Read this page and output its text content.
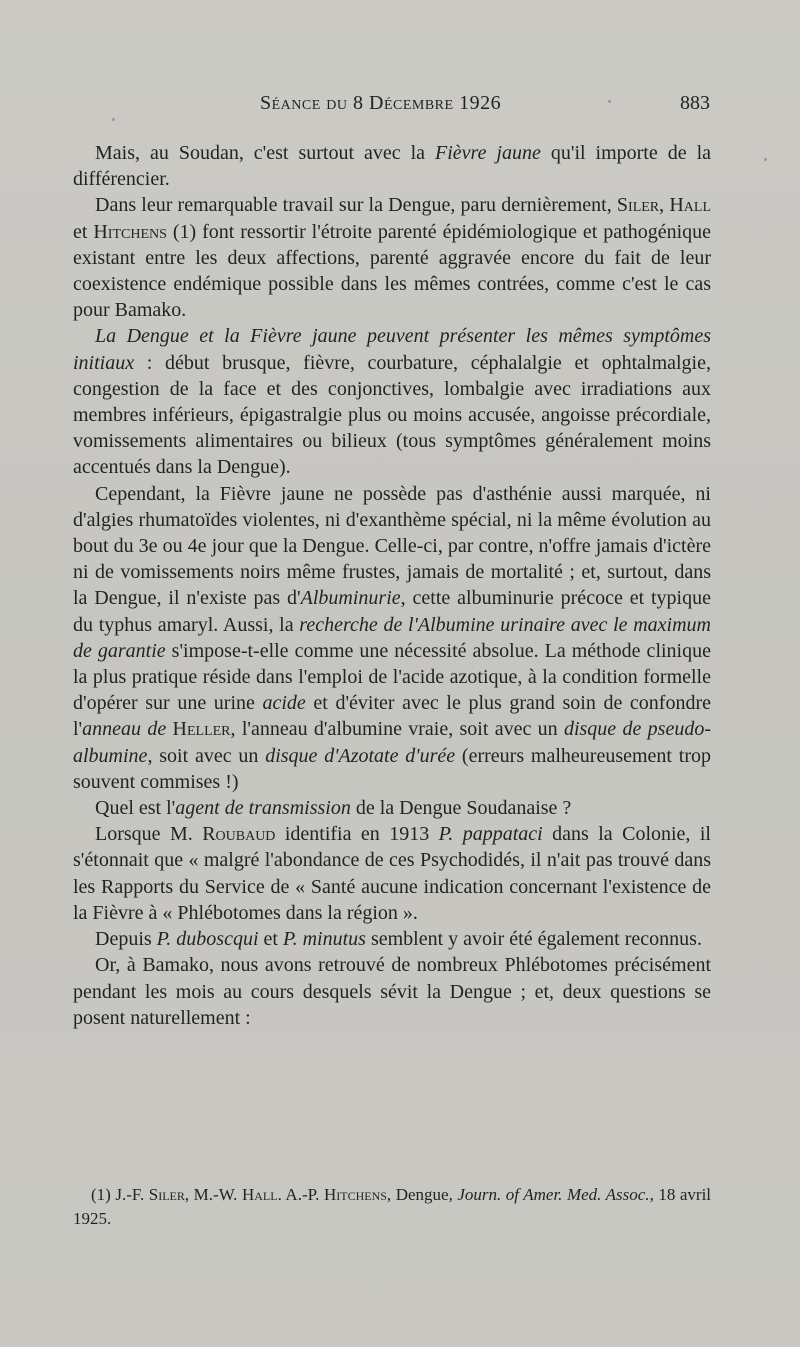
Séance du 8 Décembre 1926	883

Mais, au Soudan, c'est surtout avec la Fièvre jaune qu'il importe de la différencier.

Dans leur remarquable travail sur la Dengue, paru dernièrement, Siler, Hall et Hitchens (1) font ressortir l'étroite parenté épidémiologique et pathogénique existant entre les deux affections, parenté aggravée encore du fait de leur coexistence endémique possible dans les mêmes contrées, comme c'est le cas pour Bamako.

La Dengue et la Fièvre jaune peuvent présenter les mêmes symptômes initiaux : début brusque, fièvre, courbature, céphalalgie et ophtalmalgie, congestion de la face et des conjonctives, lombalgie avec irradiations aux membres inférieurs, épigastralgie plus ou moins accusée, angoisse précordiale, vomissements alimentaires ou bilieux (tous symptômes généralement moins accentués dans la Dengue).

Cependant, la Fièvre jaune ne possède pas d'asthénie aussi marquée, ni d'algies rhumatoïdes violentes, ni d'exanthème spécial, ni la même évolution au bout du 3e ou 4e jour que la Dengue. Celle-ci, par contre, n'offre jamais d'ictère ni de vomissements noirs même frustes, jamais de mortalité ; et, surtout, dans la Dengue, il n'existe pas d'Albuminurie, cette albuminurie précoce et typique du typhus amaryl. Aussi, la recherche de l'Albumine urinaire avec le maximum de garantie s'impose-t-elle comme une nécessité absolue. La méthode clinique la plus pratique réside dans l'emploi de l'acide azotique, à la condition formelle d'opérer sur une urine acide et d'éviter avec le plus grand soin de confondre l'anneau de Heller, l'anneau d'albumine vraie, soit avec un disque de pseudo-albumine, soit avec un disque d'Azotate d'urée (erreurs malheureusement trop souvent commises !)

Quel est l'agent de transmission de la Dengue Soudanaise ?

Lorsque M. Roubaud identifia en 1913 P. pappataci dans la Colonie, il s'étonnait que « malgré l'abondance de ces Psychodidés, il n'ait pas trouvé dans les Rapports du Service de « Santé aucune indication concernant l'existence de la Fièvre à « Phlébotomes dans la région ».

Depuis P. duboscqui et P. minutus semblent y avoir été également reconnus.

Or, à Bamako, nous avons retrouvé de nombreux Phlébotomes précisément pendant les mois au cours desquels sévit la Dengue ; et, deux questions se posent naturellement :

(1) J.-F. Siler, M.-W. Hall. A.-P. Hitchens, Dengue, Journ. of Amer. Med. Assoc., 18 avril 1925.
